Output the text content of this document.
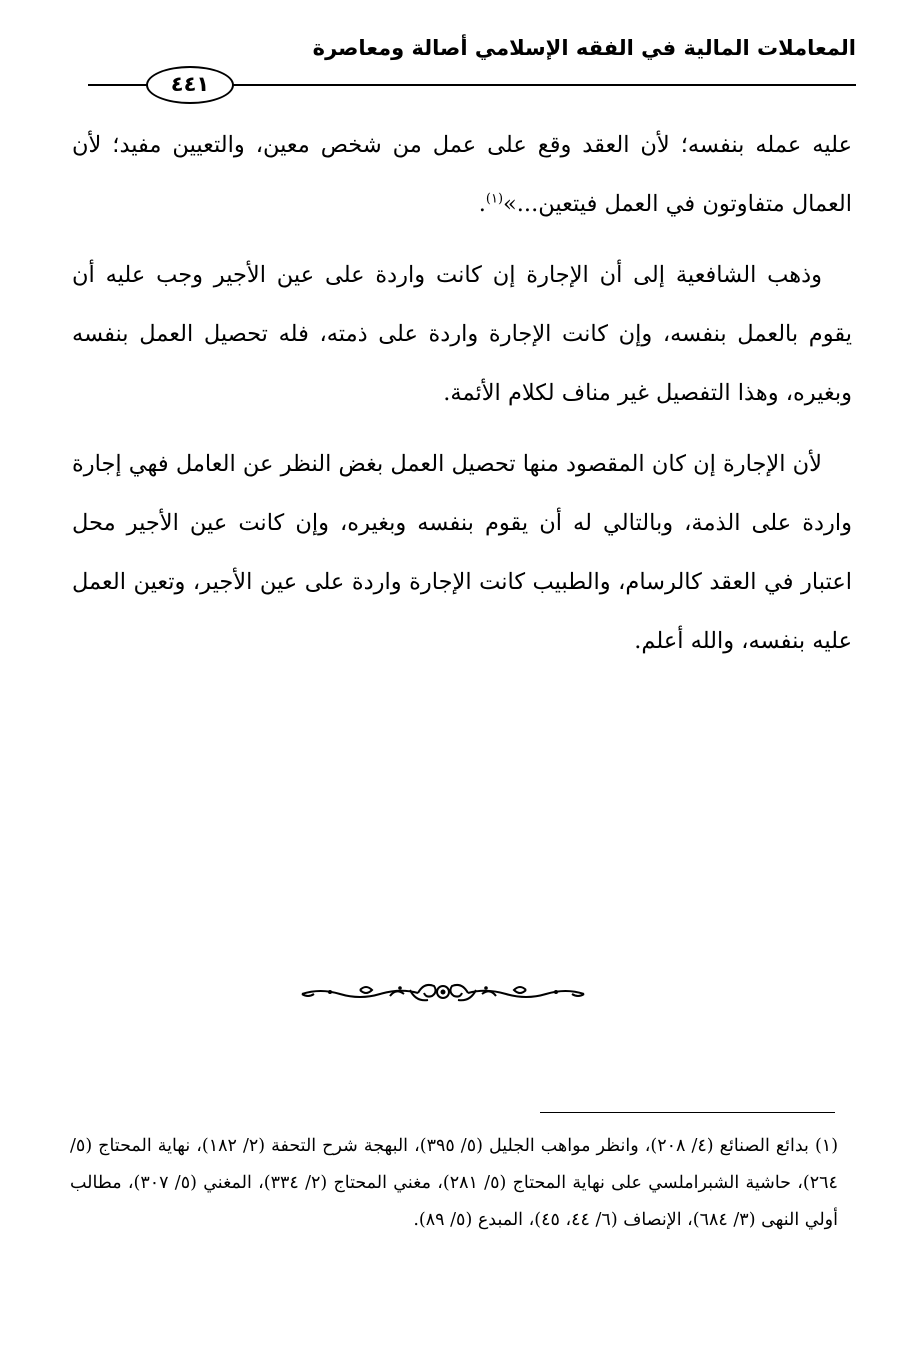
المعاملات المالية في الفقه الإسلامي أصالة ومعاصرة
٤٤١

عليه عمله بنفسه؛ لأن العقد وقع على عمل من شخص معين، والتعيين مفيد؛ لأن العمال متفاوتون في العمل فيتعين...»$^{(١)}$.

وذهب الشافعية إلى أن الإجارة إن كانت واردة على عين الأجير وجب عليه أن يقوم بالعمل بنفسه، وإن كانت الإجارة واردة على ذمته، فله تحصيل العمل بنفسه وبغيره، وهذا التفصيل غير مناف لكلام الأئمة.

لأن الإجارة إن كان المقصود منها تحصيل العمل بغض النظر عن العامل فهي إجارة واردة على الذمة، وبالتالي له أن يقوم بنفسه وبغيره، وإن كانت عين الأجير محل اعتبار في العقد كالرسام، والطبيب كانت الإجارة واردة على عين الأجير، وتعين العمل عليه بنفسه، والله أعلم.

(١) بدائع الصنائع (٤/ ٢٠٨)، وانظر مواهب الجليل (٥/ ٣٩٥)، البهجة شرح التحفة (٢/ ١٨٢)، نهاية المحتاج (٥/ ٢٦٤)، حاشية الشبراملسي على نهاية المحتاج (٥/ ٢٨١)، مغني المحتاج (٢/ ٣٣٤)، المغني (٥/ ٣٠٧)، مطالب أولي النهى (٣/ ٦٨٤)، الإنصاف (٦/ ٤٤، ٤٥)، المبدع (٥/ ٨٩).
